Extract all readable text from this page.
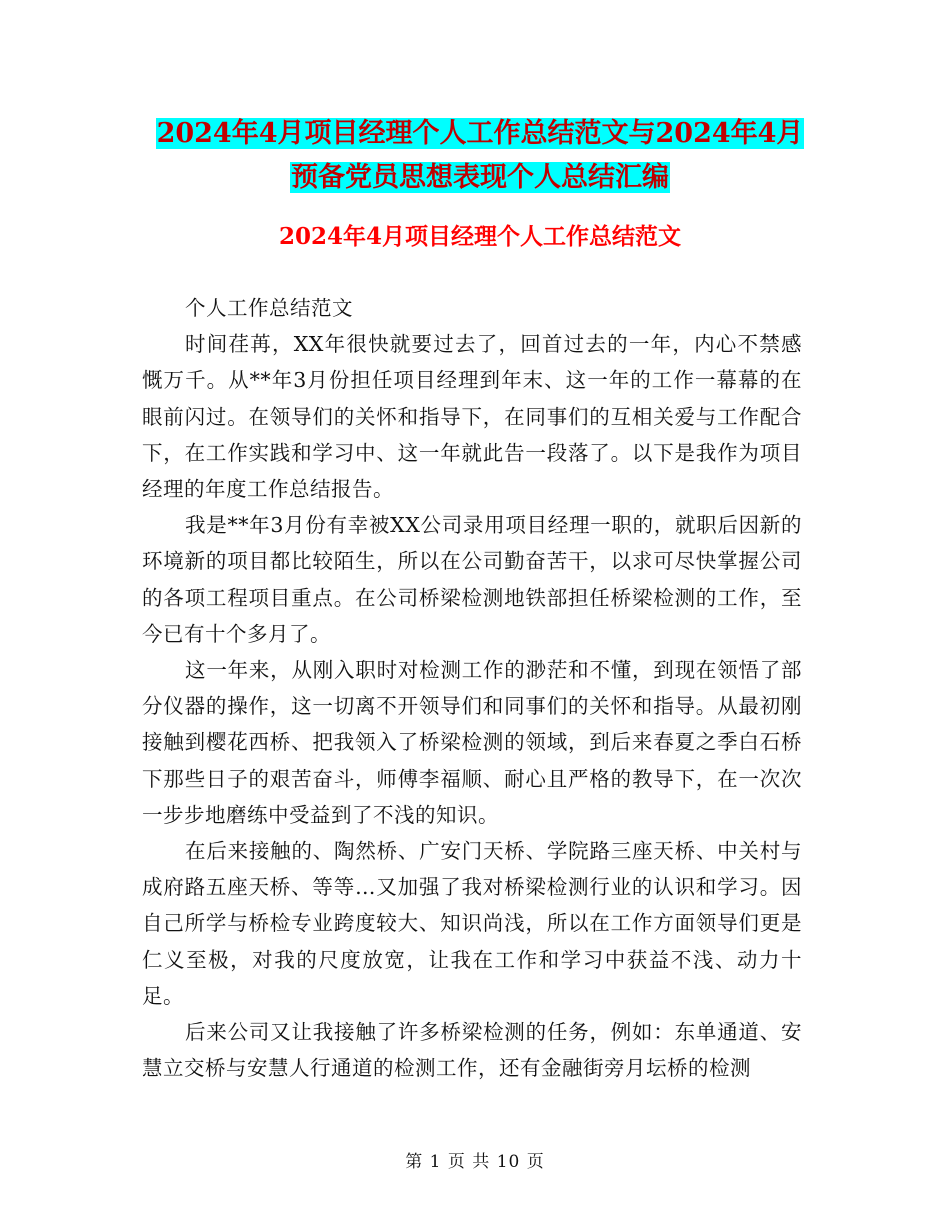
2024年4月项目经理个人工作总结范文与2024年4月
预备党员思想表现个人总结汇编
2024年4月项目经理个人工作总结范文

个人工作总结范文

时间荏苒，XX年很快就要过去了，回首过去的一年，内心不禁感慨万千。从**年3月份担任项目经理到年末、这一年的工作一幕幕的在眼前闪过。在领导们的关怀和指导下，在同事们的互相关爱与工作配合下，在工作实践和学习中、这一年就此告一段落了。以下是我作为项目经理的年度工作总结报告。

我是**年3月份有幸被XX公司录用项目经理一职的，就职后因新的环境新的项目都比较陌生，所以在公司勤奋苦干，以求可尽快掌握公司的各项工程项目重点。在公司桥梁检测地铁部担任桥梁检测的工作，至今已有十个多月了。

这一年来，从刚入职时对检测工作的渺茫和不懂，到现在领悟了部分仪器的操作，这一切离不开领导们和同事们的关怀和指导。从最初刚接触到樱花西桥、把我领入了桥梁检测的领域，到后来春夏之季白石桥下那些日子的艰苦奋斗，师傅李福顺、耐心且严格的教导下，在一次次一步步地磨练中受益到了不浅的知识。

在后来接触的、陶然桥、广安门天桥、学院路三座天桥、中关村与成府路五座天桥、等等…又加强了我对桥梁检测行业的认识和学习。因自己所学与桥检专业跨度较大、知识尚浅，所以在工作方面领导们更是仁义至极，对我的尺度放宽，让我在工作和学习中获益不浅、动力十足。

后来公司又让我接触了许多桥梁检测的任务，例如：东单通道、安慧立交桥与安慧人行通道的检测工作，还有金融街旁月坛桥的检测

第 1 页 共 10 页
